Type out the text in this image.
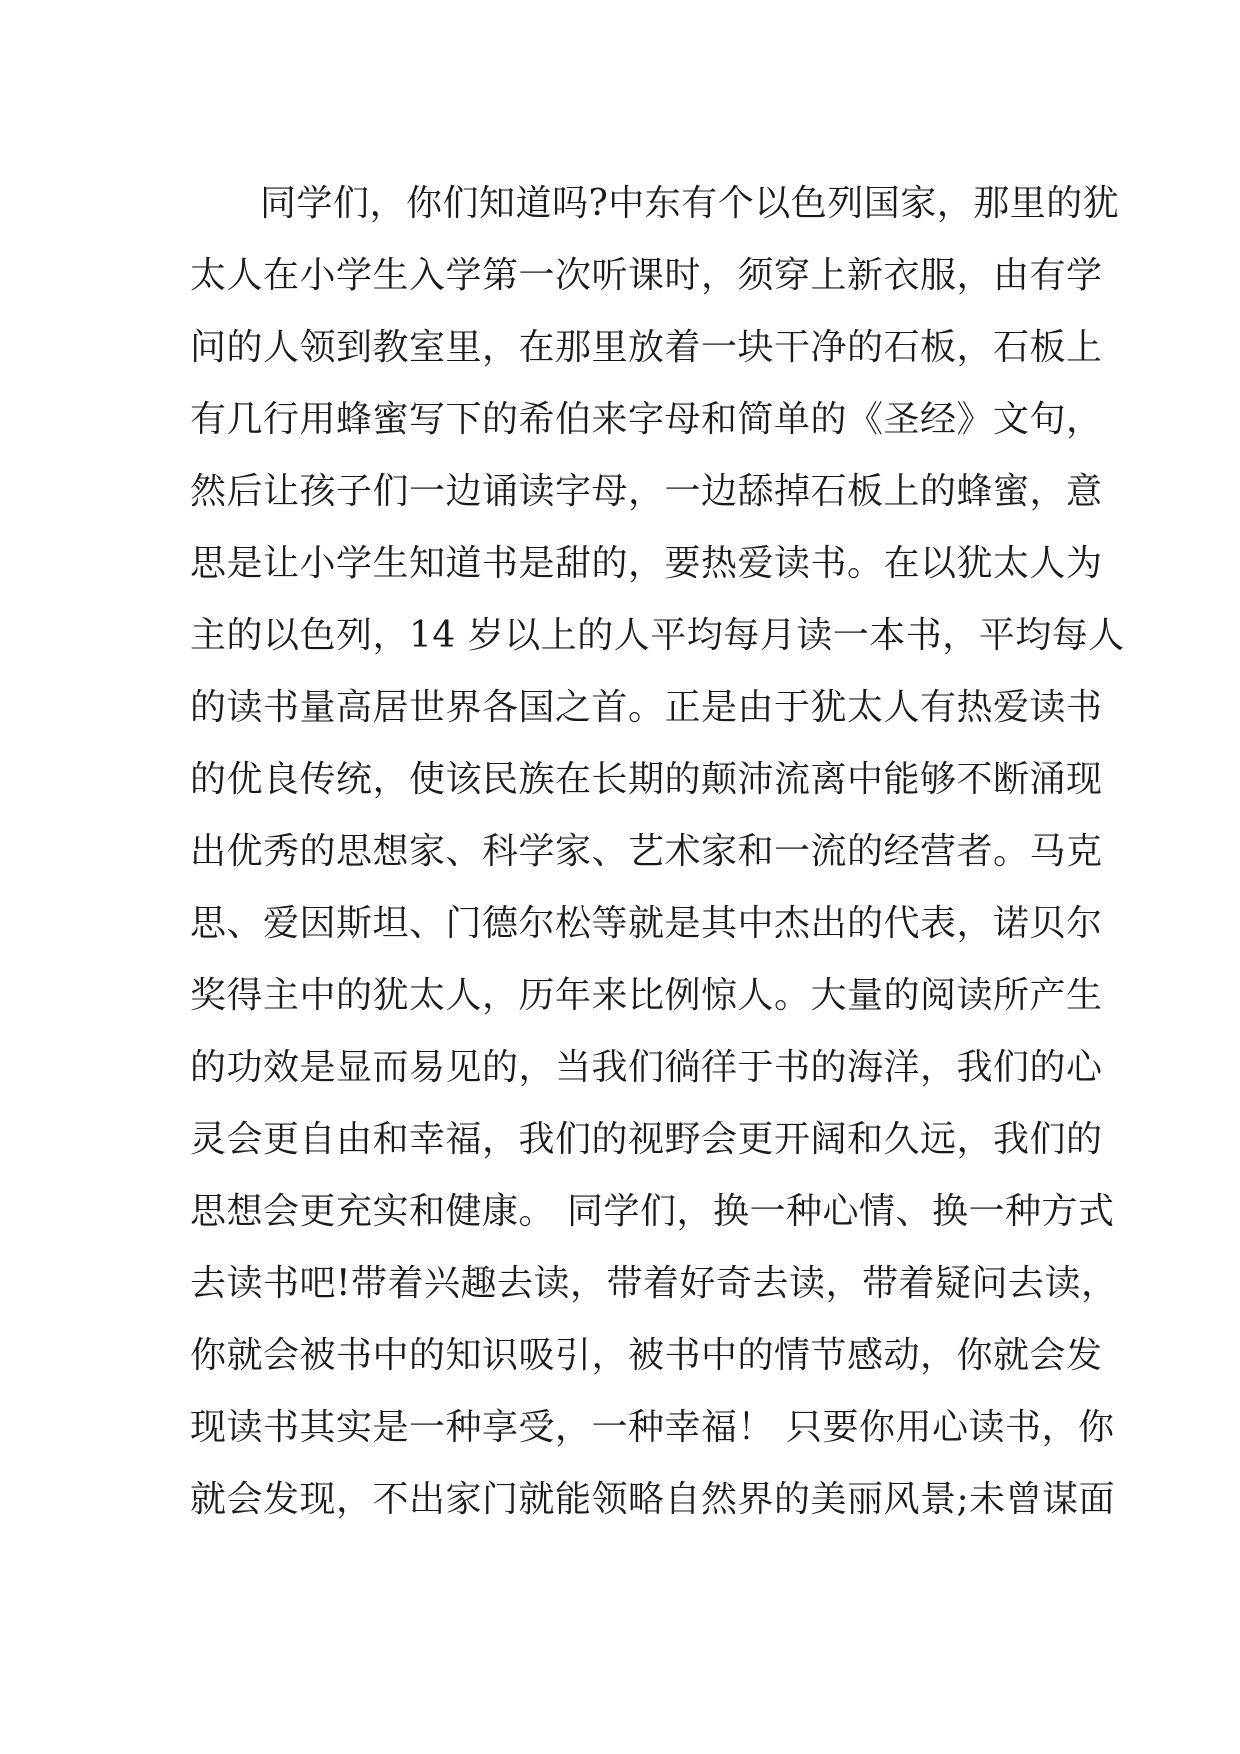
同学们，你们知道吗?中东有个以色列国家，那里的犹
太人在小学生入学第一次听课时，须穿上新衣服，由有学
问的人领到教室里，在那里放着一块干净的石板，石板上
有几行用蜂蜜写下的希伯来字母和简单的《圣经》文句，
然后让孩子们一边诵读字母，一边舔掉石板上的蜂蜜，意
思是让小学生知道书是甜的，要热爱读书。在以犹太人为
主的以色列，14 岁以上的人平均每月读一本书，平均每人
的读书量高居世界各国之首。正是由于犹太人有热爱读书
的优良传统，使该民族在长期的颠沛流离中能够不断涌现
出优秀的思想家、科学家、艺术家和一流的经营者。马克
思、爱因斯坦、门德尔松等就是其中杰出的代表，诺贝尔
奖得主中的犹太人，历年来比例惊人。大量的阅读所产生
的功效是显而易见的，当我们徜徉于书的海洋，我们的心
灵会更自由和幸福，我们的视野会更开阔和久远，我们的
思想会更充实和健康。 同学们，换一种心情、换一种方式
去读书吧!带着兴趣去读，带着好奇去读，带着疑问去读，
你就会被书中的知识吸引，被书中的情节感动，你就会发
现读书其实是一种享受，一种幸福！ 只要你用心读书，你
就会发现，不出家门就能领略自然界的美丽风景;未曾谋面
